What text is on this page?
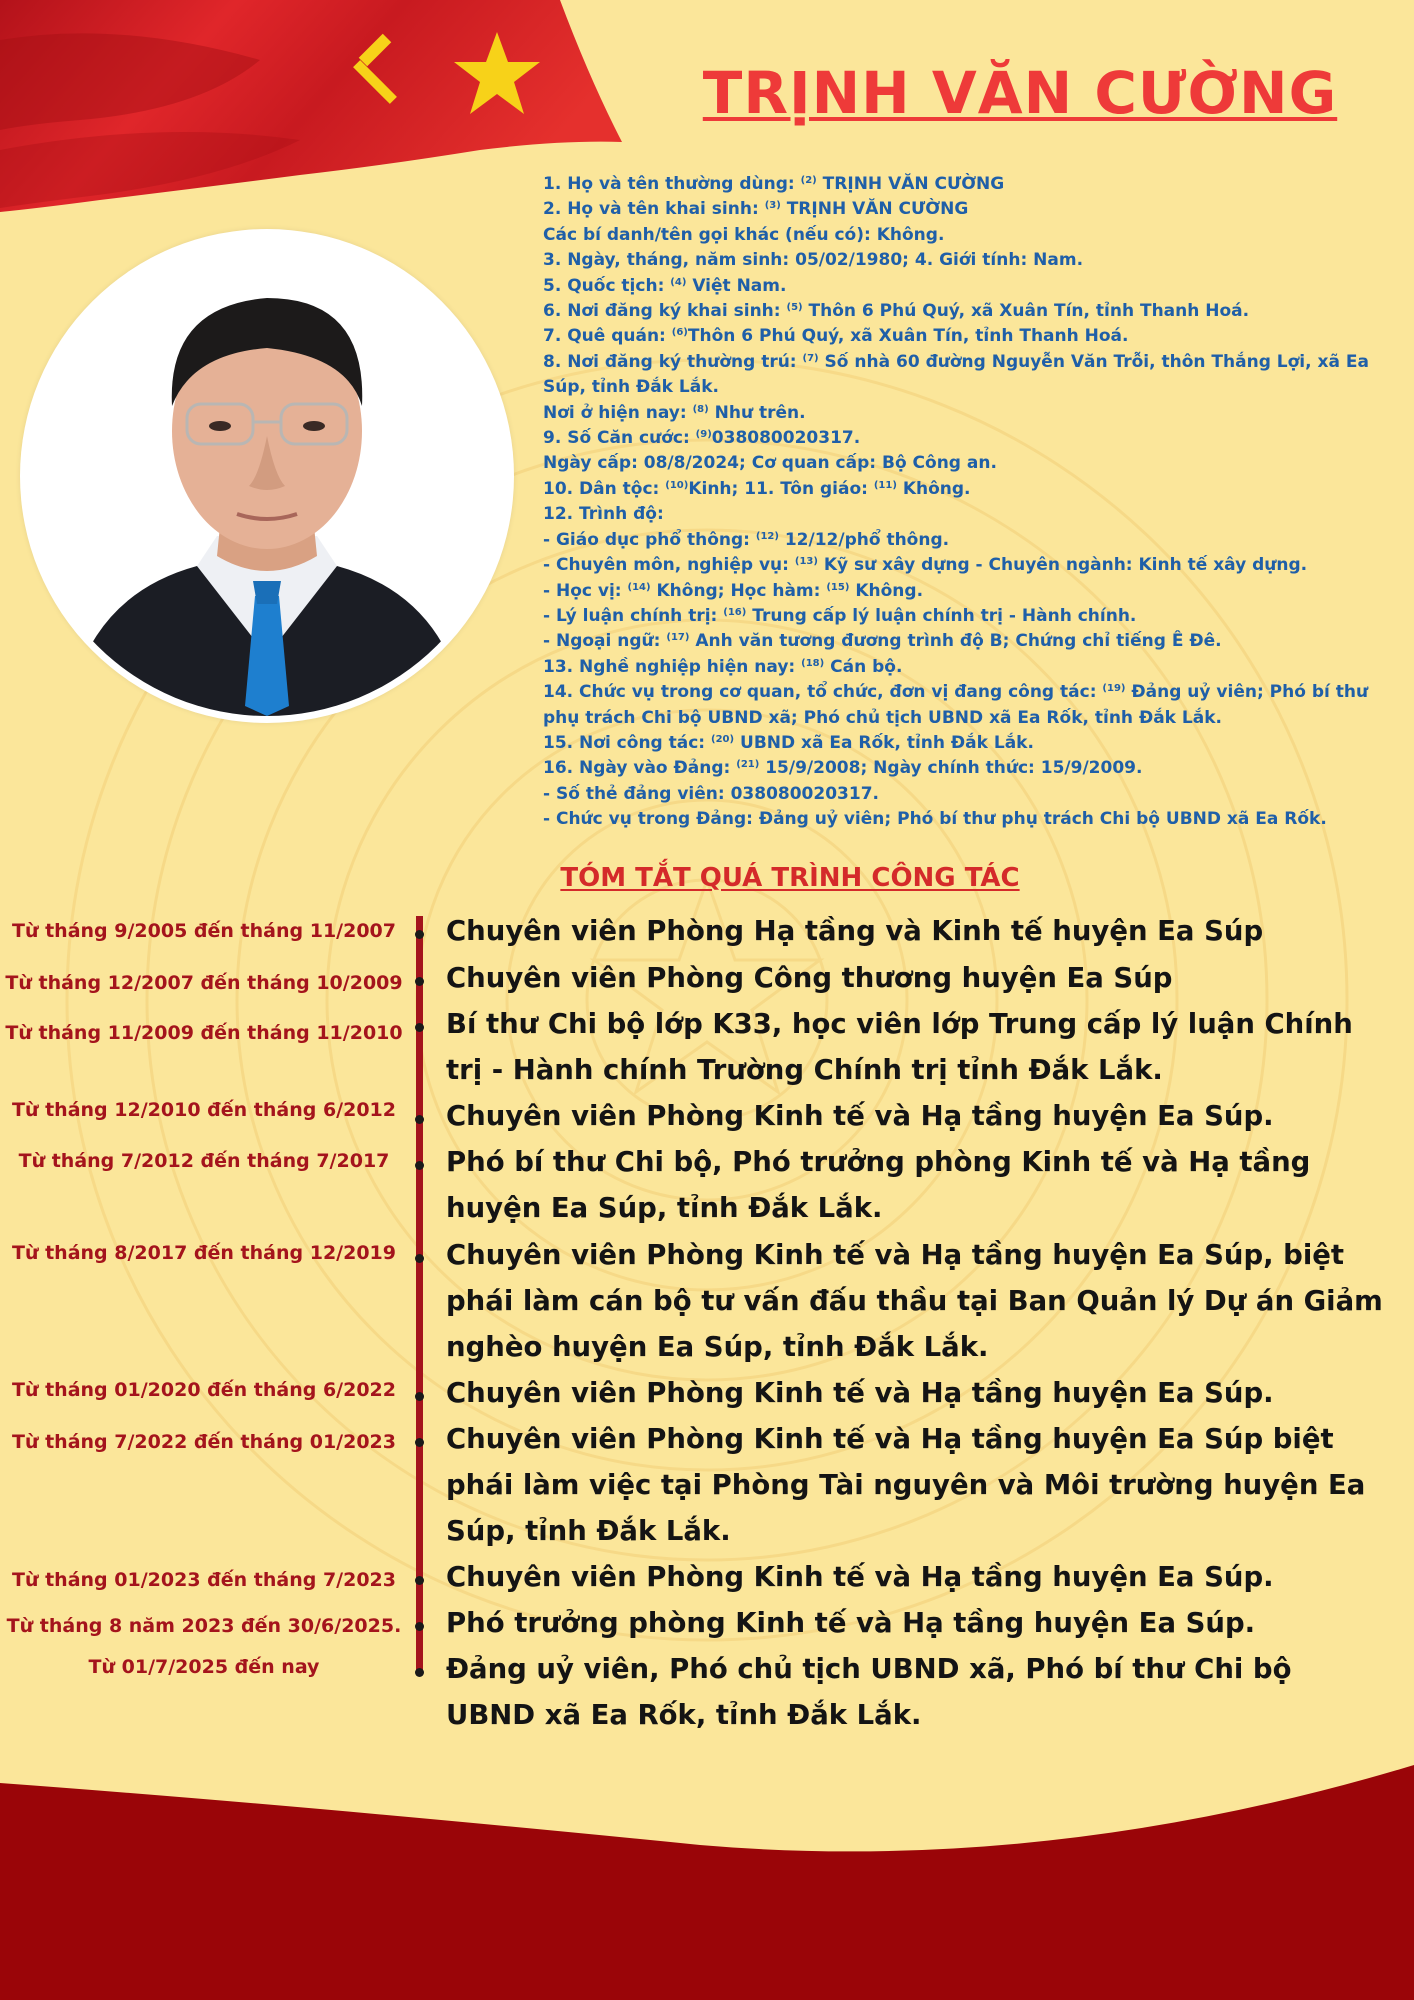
TRỊNH VĂN CƯỜNG
1. Họ và tên thường dùng: $^{(2)}$ TRỊNH VĂN CƯỜNG
2. Họ và tên khai sinh: $^{(3)}$ TRỊNH VĂN CƯỜNG
Các bí danh/tên gọi khác (nếu có): Không.
3. Ngày, tháng, năm sinh: 05/02/1980; 4. Giới tính: Nam.
5. Quốc tịch: $^{(4)}$ Việt Nam.
6. Nơi đăng ký khai sinh: $^{(5)}$ Thôn 6 Phú Quý, xã Xuân Tín, tỉnh Thanh Hoá.
7. Quê quán: $^{(6)}$Thôn 6 Phú Quý, xã Xuân Tín, tỉnh Thanh Hoá.
8. Nơi đăng ký thường trú: $^{(7)}$ Số nhà 60 đường Nguyễn Văn Trỗi, thôn Thắng Lợi, xã Ea Súp, tỉnh Đắk Lắk.
Nơi ở hiện nay: $^{(8)}$ Như trên.
9. Số Căn cước: $^{(9)}$038080020317.
Ngày cấp: 08/8/2024; Cơ quan cấp: Bộ Công an.
10. Dân tộc: $^{(10)}$Kinh; 11. Tôn giáo: $^{(11)}$ Không.
12. Trình độ:
- Giáo dục phổ thông: $^{(12)}$ 12/12/phổ thông.
- Chuyên môn, nghiệp vụ: $^{(13)}$ Kỹ sư xây dựng - Chuyên ngành: Kinh tế xây dựng.
- Học vị: $^{(14)}$ Không; Học hàm: $^{(15)}$ Không.
- Lý luận chính trị: $^{(16)}$ Trung cấp lý luận chính trị - Hành chính.
- Ngoại ngữ: $^{(17)}$ Anh văn tương đương trình độ B; Chứng chỉ tiếng Ê Đê.
13. Nghề nghiệp hiện nay: $^{(18)}$ Cán bộ.
14. Chức vụ trong cơ quan, tổ chức, đơn vị đang công tác: $^{(19)}$ Đảng uỷ viên; Phó bí thư phụ trách Chi bộ UBND xã; Phó chủ tịch UBND xã Ea Rốk, tỉnh Đắk Lắk.
15. Nơi công tác: $^{(20)}$ UBND xã Ea Rốk, tỉnh Đắk Lắk.
16. Ngày vào Đảng: $^{(21)}$ 15/9/2008; Ngày chính thức: 15/9/2009.
- Số thẻ đảng viên: 038080020317.
- Chức vụ trong Đảng: Đảng uỷ viên; Phó bí thư phụ trách Chi bộ UBND xã Ea Rốk.
TÓM TẮT QUÁ TRÌNH CÔNG TÁC
Từ tháng 9/2005 đến tháng 11/2007	Chuyên viên Phòng Hạ tầng và Kinh tế huyện Ea Súp
Từ tháng 12/2007 đến tháng 10/2009 Chuyên viên Phòng Công thương huyện Ea Súp
Từ tháng 11/2009 đến tháng 11/2010 Bí thư Chi bộ lớp K33, học viên lớp Trung cấp lý luận Chính trị - Hành chính Trường Chính trị tỉnh Đắk Lắk.
Từ tháng 12/2010 đến tháng 6/2012	Chuyên viên Phòng Kinh tế và Hạ tầng huyện Ea Súp.
Từ tháng 7/2012 đến tháng 7/2017	Phó bí thư Chi bộ, Phó trưởng phòng Kinh tế và Hạ tầng huyện Ea Súp, tỉnh Đắk Lắk.
Từ tháng 8/2017 đến tháng 12/2019	Chuyên viên Phòng Kinh tế và Hạ tầng huyện Ea Súp, biệt phái làm cán bộ tư vấn đấu thầu tại Ban Quản lý Dự án Giảm nghèo huyện Ea Súp, tỉnh Đắk Lắk.
Từ tháng 01/2020 đến tháng 6/2022	Chuyên viên Phòng Kinh tế và Hạ tầng huyện Ea Súp.
Từ tháng 7/2022 đến tháng 01/2023	Chuyên viên Phòng Kinh tế và Hạ tầng huyện Ea Súp biệt phái làm việc tại Phòng Tài nguyên và Môi trường huyện Ea Súp, tỉnh Đắk Lắk.
Từ tháng 01/2023 đến tháng 7/2023	Chuyên viên Phòng Kinh tế và Hạ tầng huyện Ea Súp.
Từ tháng 8 năm 2023 đến 30/6/2025. Phó trưởng phòng Kinh tế và Hạ tầng huyện Ea Súp.
Từ 01/7/2025 đến nay	Đảng uỷ viên, Phó chủ tịch UBND xã, Phó bí thư Chi bộ UBND xã Ea Rốk, tỉnh Đắk Lắk.
